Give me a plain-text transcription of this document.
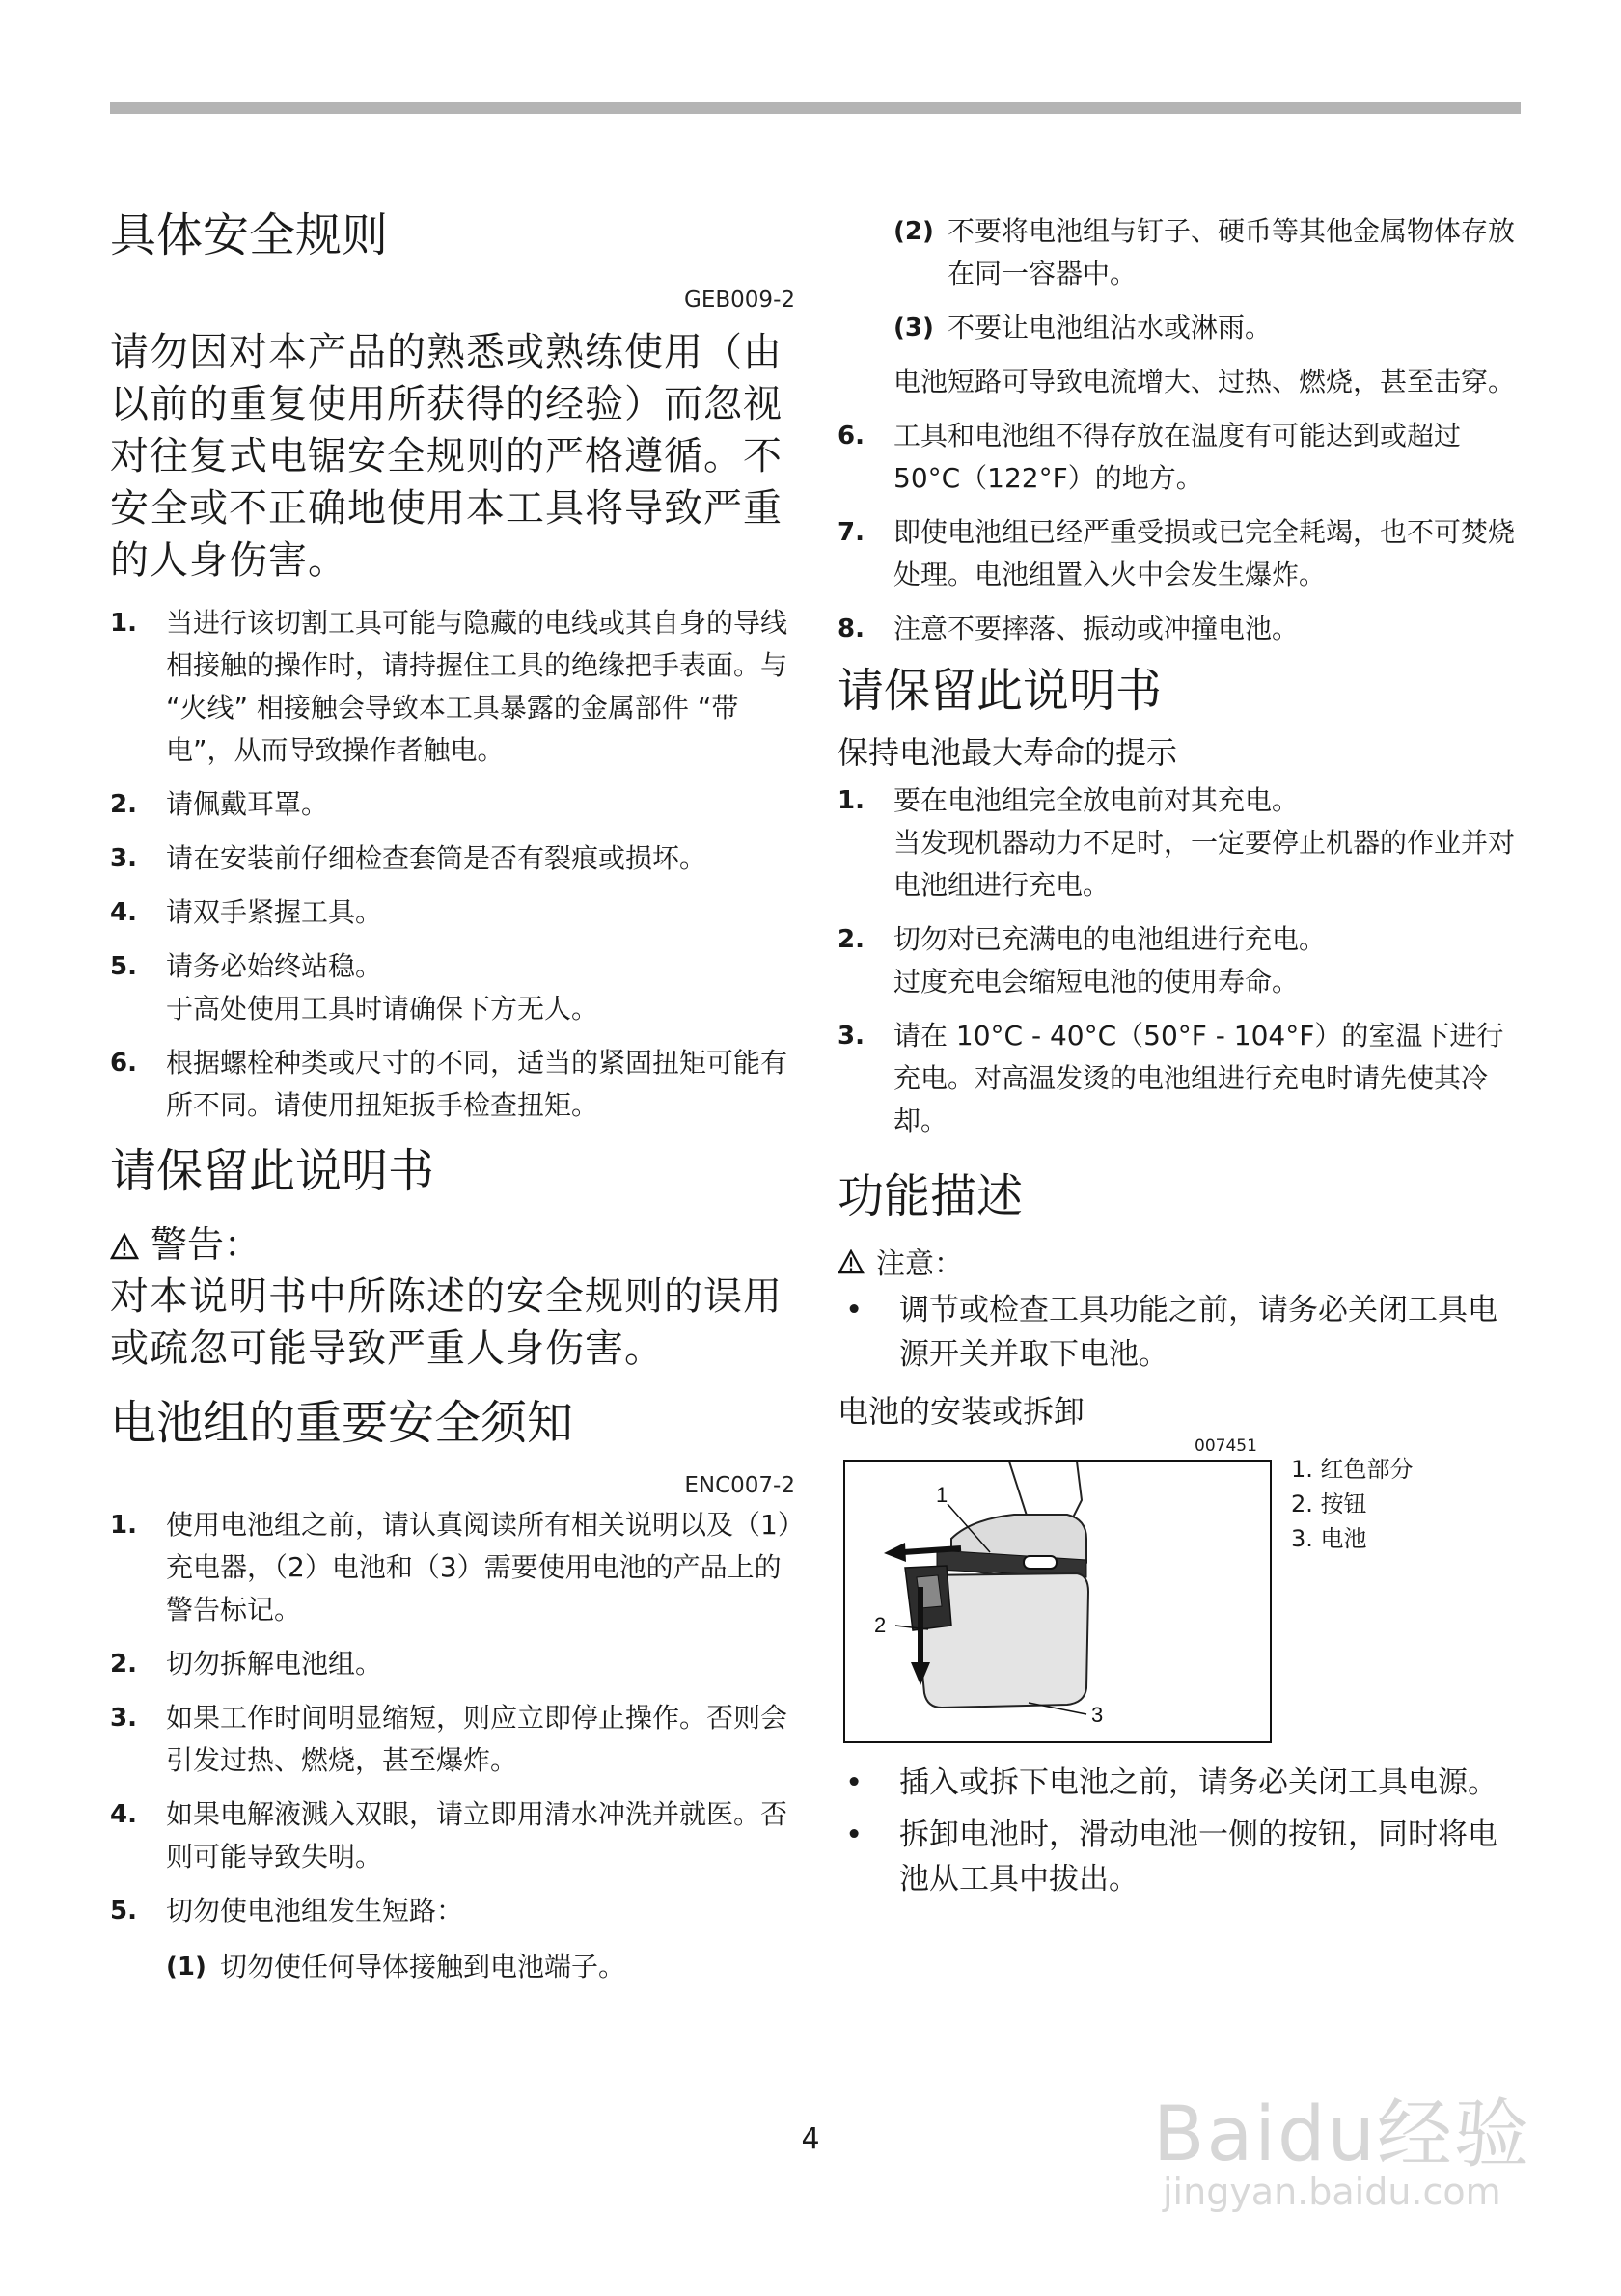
具体安全规则
GEB009-2
请勿因对本产品的熟悉或熟练使用（由以前的重复使用所获得的经验）而忽视对往复式电锯安全规则的严格遵循。不安全或不正确地使用本工具将导致严重的人身伤害。
1. 当进行该切割工具可能与隐藏的电线或其自身的导线相接触的操作时，请持握住工具的绝缘把手表面。与 “火线” 相接触会导致本工具暴露的金属部件 “带电”，从而导致操作者触电。
2. 请佩戴耳罩。
3. 请在安装前仔细检查套筒是否有裂痕或损坏。
4. 请双手紧握工具。
5. 请务必始终站稳。
于高处使用工具时请确保下方无人。
6. 根据螺栓种类或尺寸的不同，适当的紧固扭矩可能有所不同。请使用扭矩扳手检查扭矩。
请保留此说明书
警告：
对本说明书中所陈述的安全规则的误用或疏忽可能导致严重人身伤害。
电池组的重要安全须知
ENC007-2
1. 使用电池组之前，请认真阅读所有相关说明以及（1）充电器，（2）电池和（3）需要使用电池的产品上的警告标记。
2. 切勿拆解电池组。
3. 如果工作时间明显缩短，则应立即停止操作。否则会引发过热、燃烧，甚至爆炸。
4. 如果电解液溅入双眼，请立即用清水冲洗并就医。否则可能导致失明。
5. 切勿使电池组发生短路：
(1) 切勿使任何导体接触到电池端子。
(2) 不要将电池组与钉子、硬币等其他金属物体存放在同一容器中。
(3) 不要让电池组沾水或淋雨。
电池短路可导致电流增大、过热、燃烧，甚至击穿。
6. 工具和电池组不得存放在温度有可能达到或超过 50°C（122°F）的地方。
7. 即使电池组已经严重受损或已完全耗竭，也不可焚烧处理。电池组置入火中会发生爆炸。
8. 注意不要摔落、振动或冲撞电池。
请保留此说明书
保持电池最大寿命的提示
1. 要在电池组完全放电前对其充电。
当发现机器动力不足时，一定要停止机器的作业并对电池组进行充电。
2. 切勿对已充满电的电池组进行充电。
过度充电会缩短电池的使用寿命。
3. 请在 10°C - 40°C（50°F - 104°F）的室温下进行充电。对高温发烫的电池组进行充电时请先使其冷却。
功能描述
注意：
• 调节或检查工具功能之前，请务必关闭工具电源开关并取下电池。
电池的安装或拆卸
007451
1
2
3
1. 红色部分
2. 按钮
3. 电池
• 插入或拆下电池之前，请务必关闭工具电源。
• 拆卸电池时，滑动电池一侧的按钮，同时将电池从工具中拔出。
4	Baidu经验
jingyan.baidu.com
